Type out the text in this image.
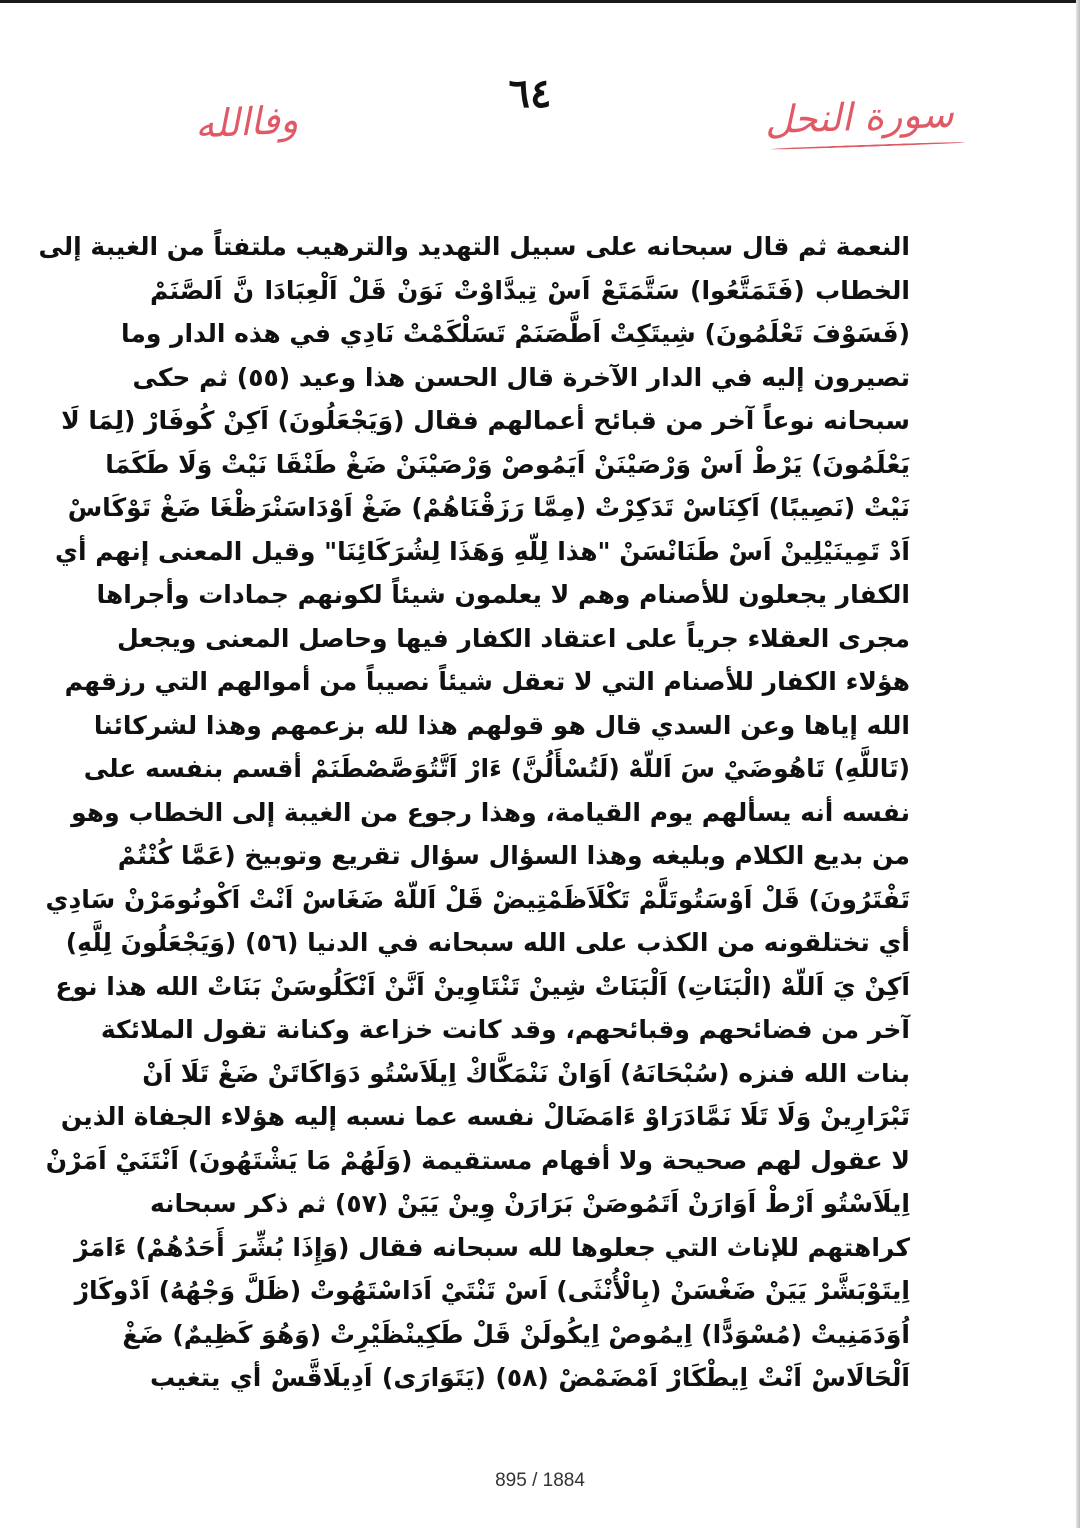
٦٤
وفاالله	سورة النحل
النعمة ثم قال سبحانه على سبيل التهديد والترهيب ملتفتاً من الغيبة إلى
الخطاب (فَتَمَتَّعُوا) سَتَّمَتَعْ اَسْ تِيدَّاوْتْ نَوَنْ قَلْ اَلْعِبَادَا نَّ اَلصَّنَمْ
(فَسَوْفَ تَعْلَمُونَ) شِيتَكِتْ اَطَّصَنَمْ تَسَلْكَمْتْ نَادِي في هذه الدار وما
تصيرون إليه في الدار الآخرة قال الحسن هذا وعيد (٥٥) ثم حكى
سبحانه نوعاً آخر من قبائح أعمالهم فقال (وَيَجْعَلُونَ) اَكِنْ كُوفَارْ (لِمَا لَا
يَعْلَمُونَ) يَرْطْ اَسْ وَرْصَيْنَنْ اَيَمُوصْ وَرْصَيْنَنْ ضَغْ طَنْقَا نَيْتْ وَلَا طَكَمَا
نَيْتْ (نَصِيبًا) اَكِنَاسْ تَدَكِرْتْ (مِمَّا رَزَقْنَاهُمْ) ضَغْ اَوْدَاسَنْرَظْغَا ضَغْ تَوْكَاسْ
اَدْ تَمِينَيْلِينْ اَسْ طَنَانْسَنْ "هذا لِلّهِ وَهَذَا لِشُرَكَائِنَا" وقيل المعنى إنهم أي
الكفار يجعلون للأصنام وهم لا يعلمون شيئاً لكونهم جمادات وأجراها
مجرى العقلاء جرياً على اعتقاد الكفار فيها وحاصل المعنى ويجعل
هؤلاء الكفار للأصنام التي لا تعقل شيئاً نصيباً من أموالهم التي رزقهم
الله إياها وعن السدي قال هو قولهم هذا لله بزعمهم وهذا لشركائنا
(تَاللَّهِ) تَاهُوضَيْ سَ اَللّهْ (لَتُسْأَلُنَّ) ءَارْ اَتَّتُوَصَّصْطَنَمْ أقسم بنفسه على
نفسه أنه يسألهم يوم القيامة، وهذا رجوع من الغيبة إلى الخطاب وهو
من بديع الكلام وبليغه وهذا السؤال سؤال تقريع وتوبيخ (عَمَّا كُنْتُمْ
تَفْتَرُونَ) قَلْ اَوْسَتُوتَلَّمْ تَكْلَاَظَمْتِيضْ قَلْ اَللّهْ ضَغَاسْ اَنْتْ اَكْونُومَرْنْ سَادِي
أي تختلقونه من الكذب على الله سبحانه في الدنيا (٥٦) (وَيَجْعَلُونَ لِلَّهِ)
اَكِنْ يَ اَللّهْ (الْبَنَاتِ) اَلْبَنَاتْ شِينْ تَنْتَاوِينْ اَنَّنْ اَنْكَلُوسَنْ بَنَاتْ الله هذا نوع
آخر من فضائحهم وقبائحهم، وقد كانت خزاعة وكنانة تقول الملائكة
بنات الله فنزه (سُبْحَانَهُ) اَوَانْ نَنْمَكَّاكْ اِيلَاَسْتُو دَوَاكَاتَنْ ضَغْ تَلَا اَنْ
تَبْرَارِينْ وَلَا تَلَا نَمَّادَرَاوْ ءَامَضَالْ نفسه عما نسبه إليه هؤلاء الجفاة الذين
لا عقول لهم صحيحة ولا أفهام مستقيمة (وَلَهُمْ مَا يَشْتَهُونَ) اَنْتَنَيْ اَمَرْنْ
اِيلَاَسْتُو اَرْطْ اَوَارَنْ اَتَمُوصَنْ بَرَارَنْ وِينْ يَيَنْ (٥٧) ثم ذكر سبحانه
كراهتهم للإناث التي جعلوها لله سبحانه فقال (وَإِذَا بُشِّرَ أَحَدُهُمْ) ءَامَرْ
اِيتَوْبَشَّرْ يَيَنْ ضَغْسَنْ (بِالْأُنْثَى) اَسْ تَنْتَيْ اَدَاسْتَهُوتْ (ظَلَّ وَجْهُهُ) اَدْوكَارْ
اُوَدَمَنِيتْ (مُسْوَدًّا) اِيمُوصْ اِيكُولَنْ قَلْ طَكِينْظَيْرِتْ (وَهُوَ كَظِيمٌ) ضَغْ
اَلْحَالَاسْ اَنْتْ اِيطْكَارْ اَمْضَمْضْ (٥٨) (يَتَوَارَى) اَدِيلَاقَّسْ أي يتغيب
895 / 1884
